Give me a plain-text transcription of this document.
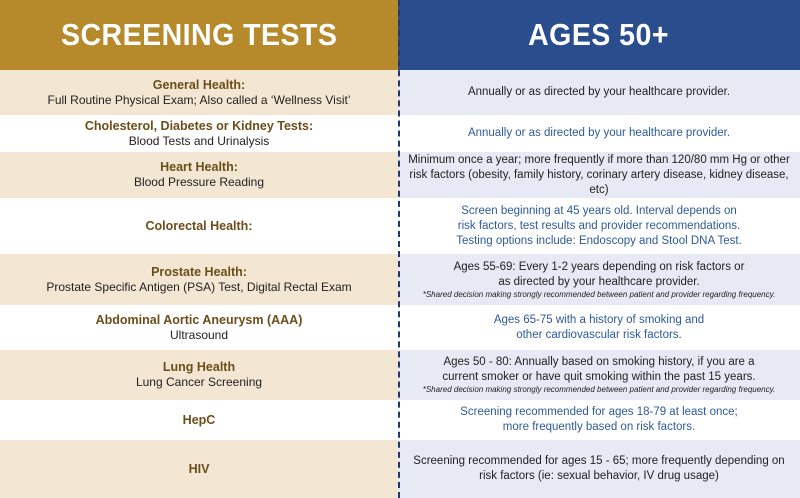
SCREENING TESTS	AGES 50+
General Health:
Full Routine Physical Exam; Also called a ‘Wellness Visit’
Annually or as directed by your healthcare provider.
Cholesterol, Diabetes or Kidney Tests:
Blood Tests and Urinalysis
Annually or as directed by your healthcare provider.
Heart Health:
Blood Pressure Reading
Minimum once a year; more frequently if more than 120/80 mm Hg or other
risk factors (obesity, family history, corinary artery disease, kidney disease, etc)
Colorectal Health:
Screen beginning at 45 years old. Interval depends on
risk factors, test results and provider recommendations.
Testing options include: Endoscopy and Stool DNA Test.
Prostate Health:
Prostate Specific Antigen (PSA) Test, Digital Rectal Exam
Ages 55-69: Every 1-2 years depending on risk factors or
as directed by your healthcare provider.
*Shared decision making strongly recommended between patient and provider regarding frequency.
Abdominal Aortic Aneurysm (AAA)
Ultrasound
Ages 65-75 with a history of smoking and
other cardiovascular risk factors.
Lung Health
Lung Cancer Screening
Ages 50 - 80: Annually based on smoking history, if you are a
current smoker or have quit smoking within the past 15 years.
*Shared decision making strongly recommended between patient and provider regarding frequency.
HepC
Screening recommended for ages 18-79 at least once;
more frequently based on risk factors.
HIV
Screening recommended for ages 15 - 65; more frequently depending on
risk factors (ie: sexual behavior, IV drug usage)
